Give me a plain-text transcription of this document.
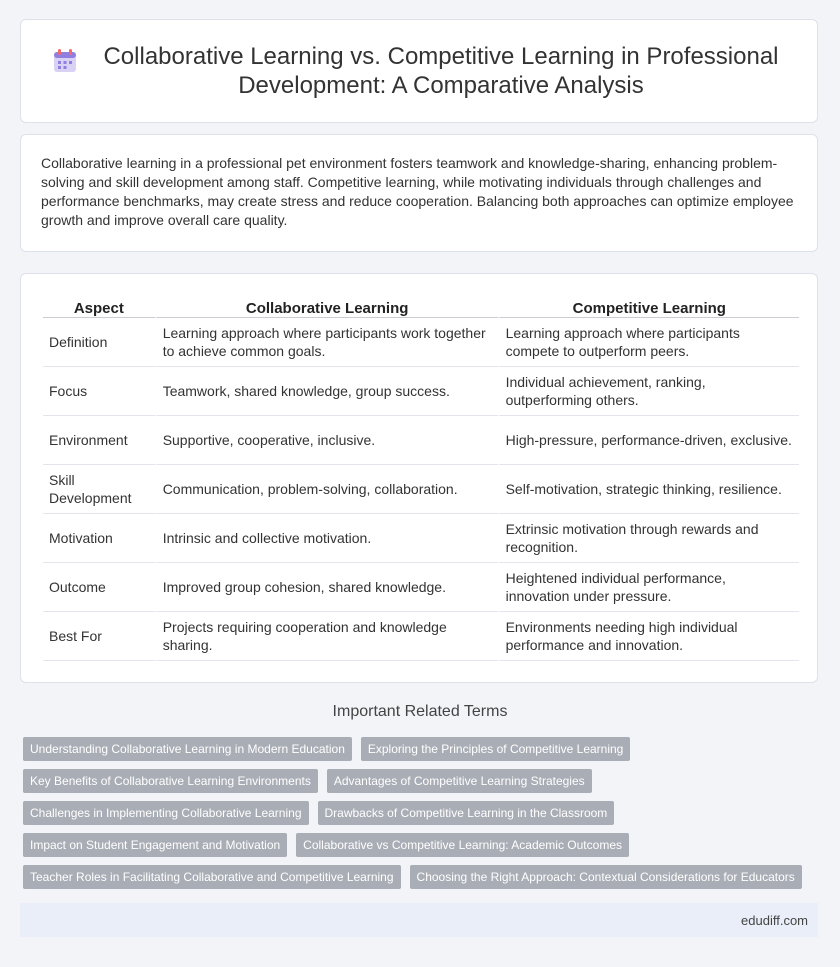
Collaborative Learning vs. Competitive Learning in Professional Development: A Comparative Analysis

Collaborative learning in a professional pet environment fosters teamwork and knowledge-sharing, enhancing problem-solving and skill development among staff. Competitive learning, while motivating individuals through challenges and performance benchmarks, may create stress and reduce cooperation. Balancing both approaches can optimize employee growth and improve overall care quality.

Aspect	Collaborative Learning	Competitive Learning
Definition	Learning approach where participants work together to achieve common goals.	Learning approach where participants compete to outperform peers.
Focus	Teamwork, shared knowledge, group success.	Individual achievement, ranking, outperforming others.
Environment	Supportive, cooperative, inclusive.	High-pressure, performance-driven, exclusive.
Skill Development	Communication, problem-solving, collaboration.	Self-motivation, strategic thinking, resilience.
Motivation	Intrinsic and collective motivation.	Extrinsic motivation through rewards and recognition.
Outcome	Improved group cohesion, shared knowledge.	Heightened individual performance, innovation under pressure.
Best For	Projects requiring cooperation and knowledge sharing.	Environments needing high individual performance and innovation.
Important Related Terms
Understanding Collaborative Learning in Modern Education	Exploring the Principles of Competitive Learning
Key Benefits of Collaborative Learning Environments	Advantages of Competitive Learning Strategies
Challenges in Implementing Collaborative Learning	Drawbacks of Competitive Learning in the Classroom
Impact on Student Engagement and Motivation	Collaborative vs Competitive Learning: Academic Outcomes
Teacher Roles in Facilitating Collaborative and Competitive Learning	Choosing the Right Approach: Contextual Considerations for Educators
edudiff.com
